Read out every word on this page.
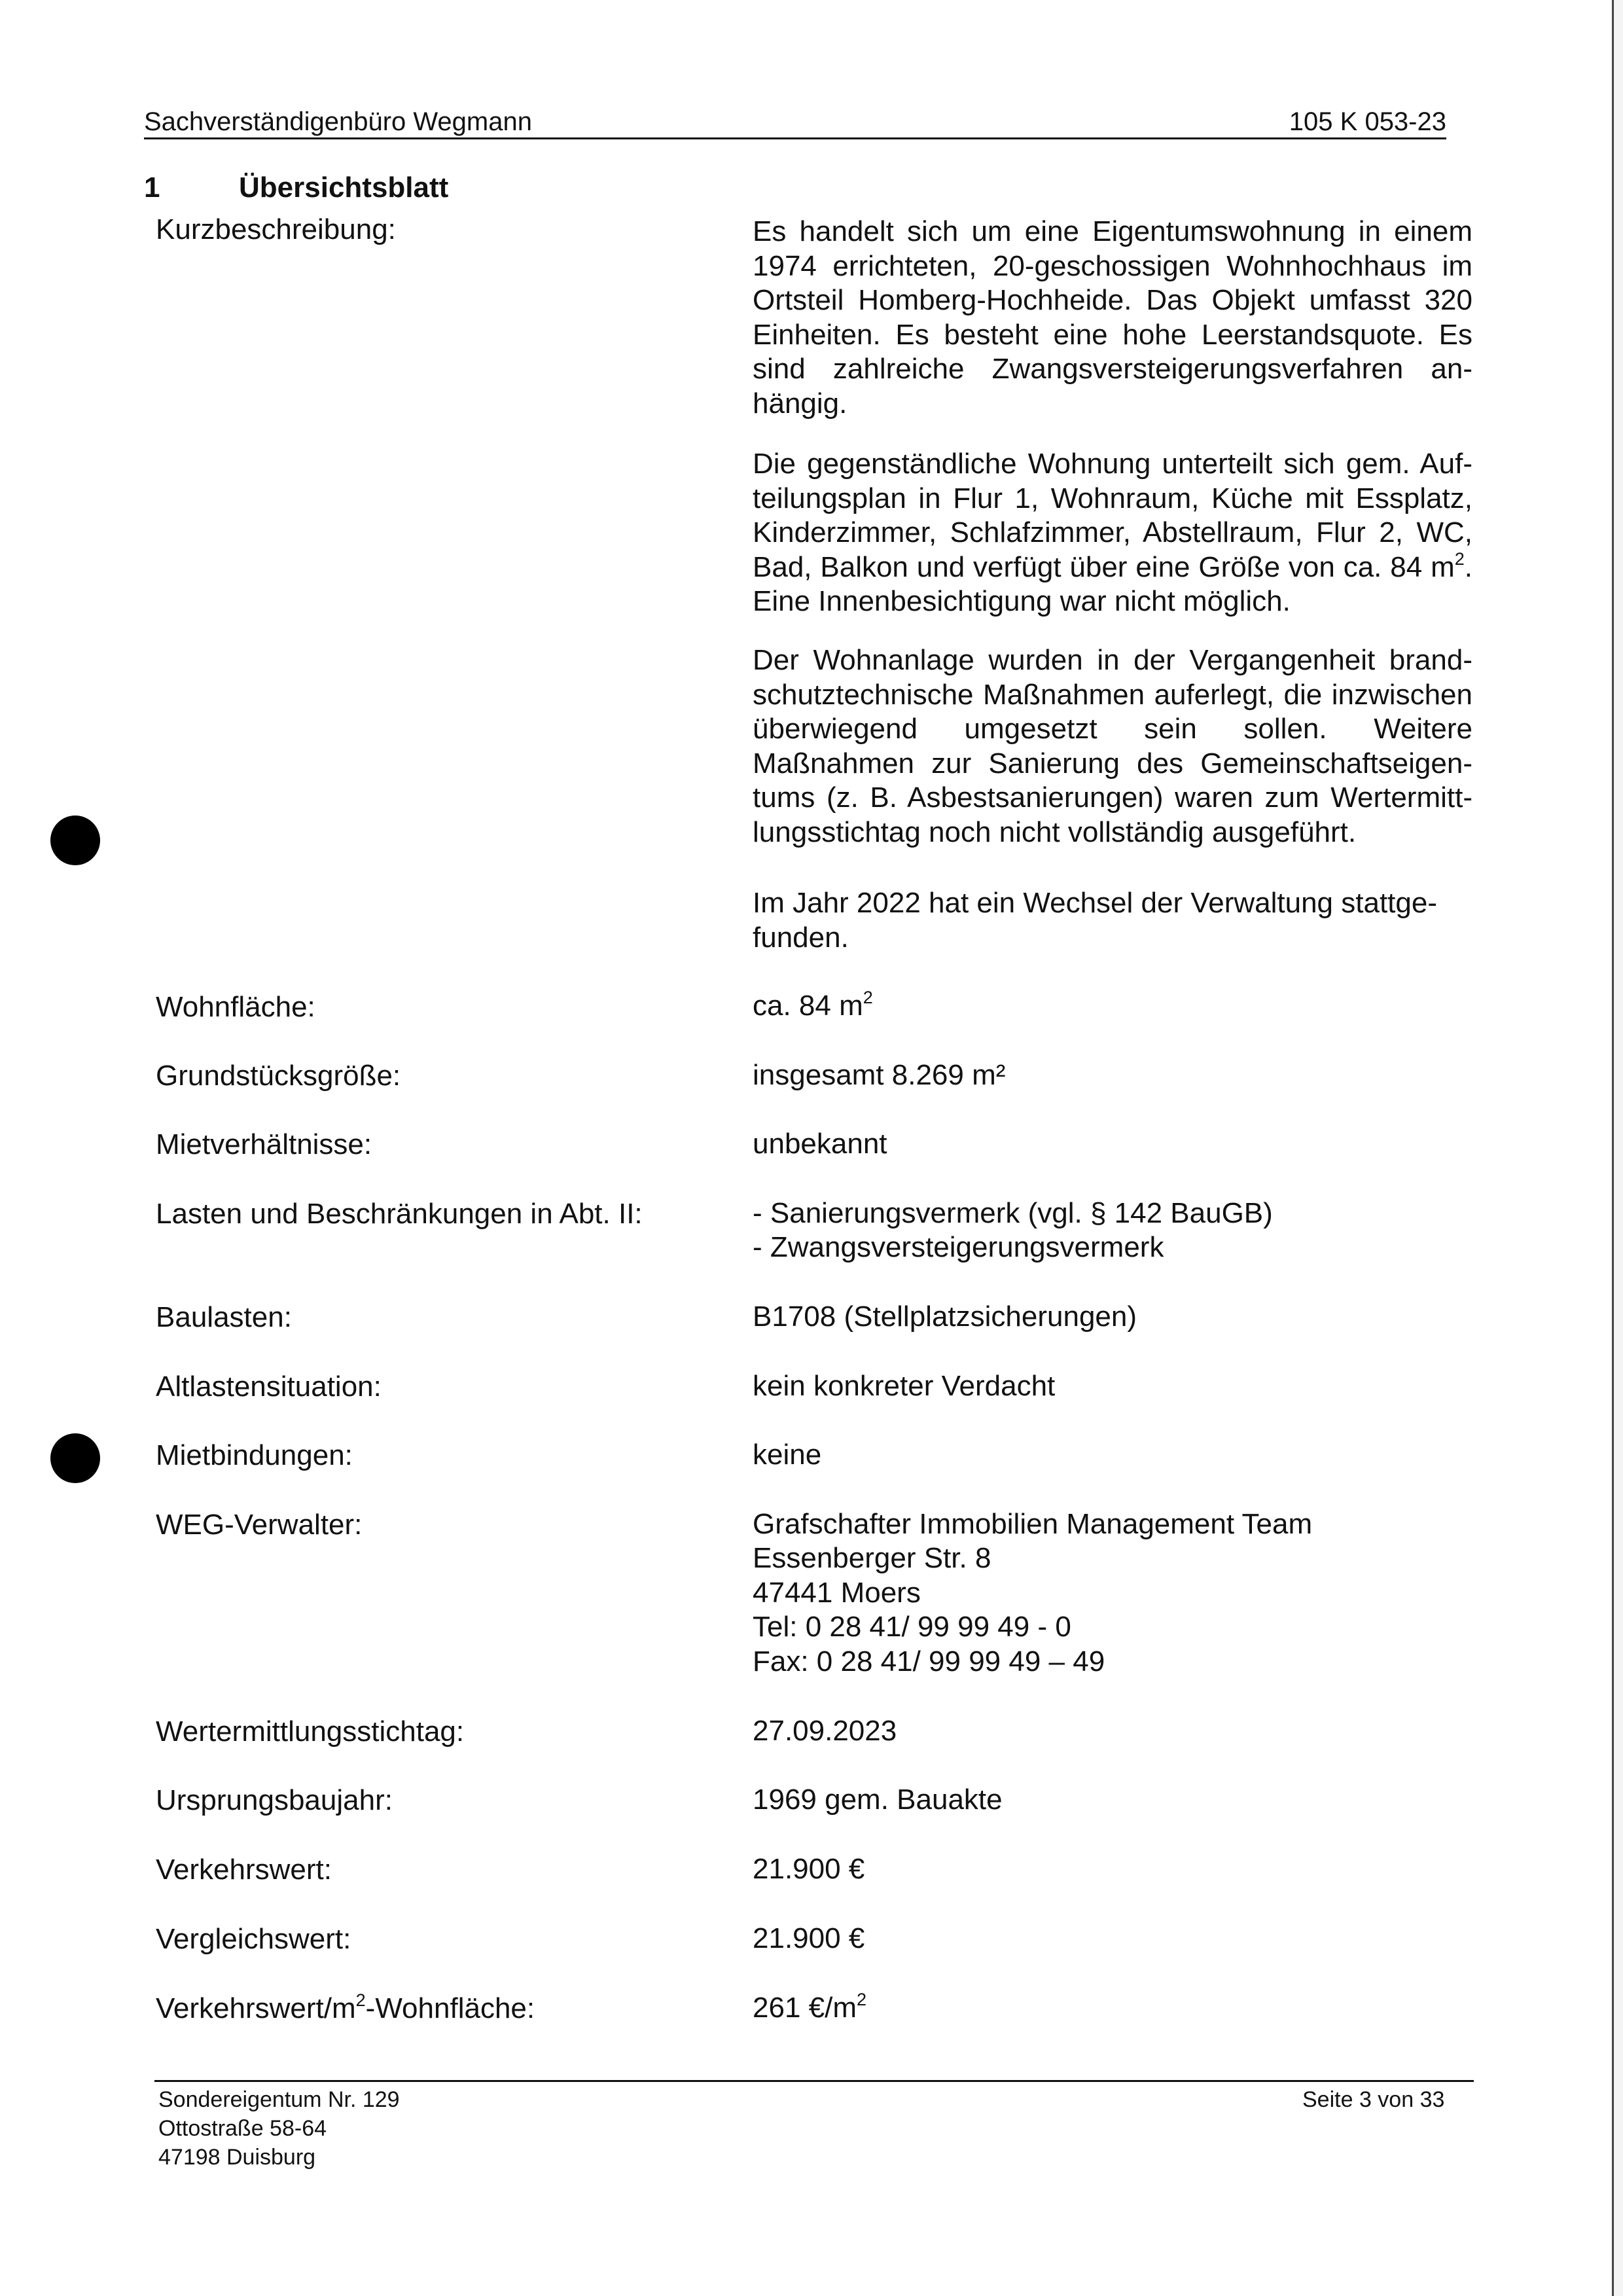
Sachverständigenbüro Wegmann	105 K 053-23
1	Übersichtsblatt
Kurzbeschreibung:	Es handelt sich um eine Eigentumswohnung in einem 1974 errichteten, 20-geschossigen Wohnhochhaus im Ortsteil Homberg-Hochheide. Das Objekt umfasst 320 Einheiten. Es besteht eine hohe Leerstandsquote. Es sind zahlreiche Zwangsversteigerungsverfahren anhängig.

Die gegenständliche Wohnung unterteilt sich gem. Aufteilungsplan in Flur 1, Wohnraum, Küche mit Essplatz, Kinderzimmer, Schlafzimmer, Abstellraum, Flur 2, WC, Bad, Balkon und verfügt über eine Größe von ca. 84 $m^2$. Eine Innenbesichtigung war nicht möglich.

Der Wohnanlage wurden in der Vergangenheit brandschutztechnische Maßnahmen auferlegt, die inzwischen überwiegend umgesetzt sein sollen. Weitere Maßnahmen zur Sanierung des Gemeinschaftseigentums (z. B. Asbestsanierungen) waren zum Wertermittlungsstichtag noch nicht vollständig ausgeführt.

Im Jahr 2022 hat ein Wechsel der Verwaltung stattgefunden.

Wohnfläche:	ca. 84 $m^2$
Grundstücksgröße:	insgesamt 8.269 m²
Mietverhältnisse:	unbekannt
Lasten und Beschränkungen in Abt. II:	- Sanierungsvermerk (vgl. § 142 BauGB)
- Zwangsversteigerungsvermerk
Baulasten:	B1708 (Stellplatzsicherungen)
Altlastensituation:	kein konkreter Verdacht
Mietbindungen:	keine
WEG-Verwalter:	Grafschafter Immobilien Management Team
Essenberger Str. 8
47441 Moers
Tel: 0 28 41/ 99 99 49 - 0
Fax: 0 28 41/ 99 99 49 – 49
Wertermittlungsstichtag:	27.09.2023
Ursprungsbaujahr:	1969 gem. Bauakte
Verkehrswert:	21.900 €
Vergleichswert:	21.900 €
Verkehrswert/$m^2$-Wohnfläche:	261 $€/m^2$
Sondereigentum Nr. 129
Ottostraße 58-64
47198 Duisburg
Seite 3 von 33
